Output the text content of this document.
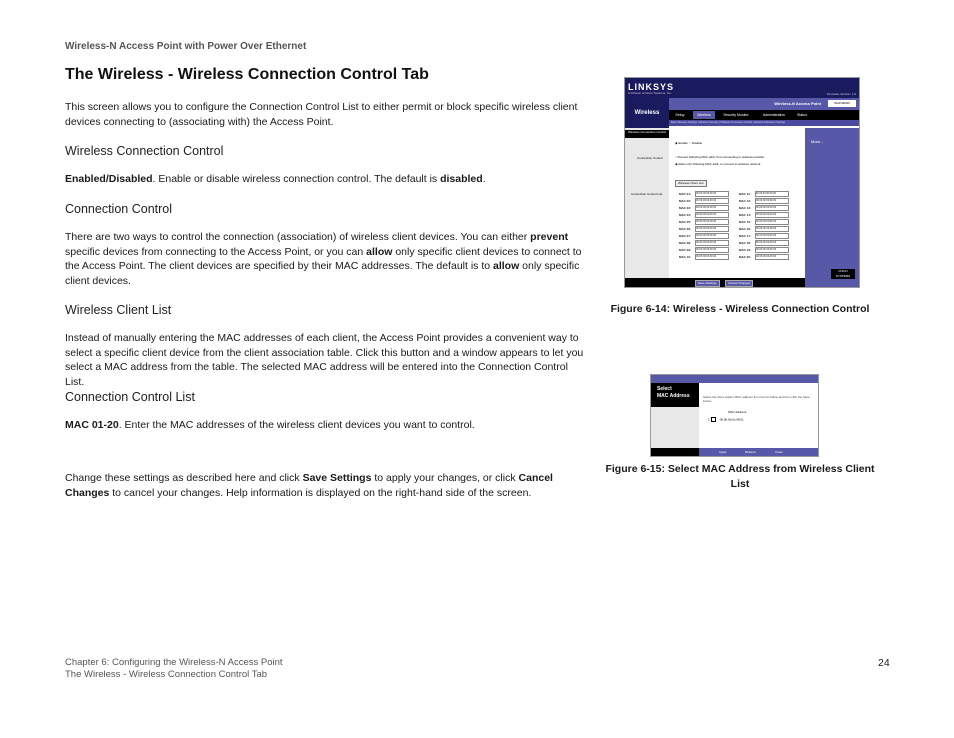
Wireless-N Access Point with Power Over Ethernet
The Wireless - Wireless Connection Control Tab
This screen allows you to configure the Connection Control List to either permit or block specific wireless client devices connecting to (associating with) the Access Point.
Wireless Connection Control
Enabled/Disabled. Enable or disable wireless connection control. The default is disabled.
Connection Control
There are two ways to control the connection (association) of wireless client devices. You can either prevent specific devices from connecting to the Access Point, or you can allow only specific client devices to connect to the Access Point. The client devices are specified by their MAC addresses. The default is to allow only specific client devices.
Wireless Client List
Instead of manually entering the MAC addresses of each client, the Access Point provides a convenient way to select a specific client device from the client association table. Click this button and a window appears to let you select a MAC address from the table. The selected MAC address will be entered into the Connection Control List.
Connection Control List
MAC 01-20. Enter the MAC addresses of the wireless client devices you want to control.
Change these settings as described here and click Save Settings to apply your changes, or click Cancel Changes to cancel your changes. Help information is displayed on the right-hand side of the screen.
LINKSYS
A Division of Cisco Systems, Inc.	Firmware Version: 1.0
Wireless-N Access Point	WAP4400N
Wireless	Setup	Wireless	Security Monitor	Administration	Status
Basic Wireless Settings | Wireless Security | Wireless Connection Control | Advanced Wireless Settings
Wireless Connection Control
More...
CISCO SYSTEMS
◉ Enable  ○ Disable
Connection Control	○ Prevent following MAC addr. from connecting to wireless network
◉ Allow only following MAC addr. to connect to wireless network
Wireless Client List
Connection Control List	MAC 01: 00:00:00:00:00:00
MAC 02: 00:00:00:00:00:00
MAC 03: 00:00:00:00:00:00
MAC 04: 00:00:00:00:00:00
MAC 05: 00:00:00:00:00:00
MAC 06: 00:00:00:00:00:00
MAC 07: 00:00:00:00:00:00
MAC 08: 00:00:00:00:00:00
MAC 09: 00:00:00:00:00:00
MAC 10: 00:00:00:00:00:00
MAC 11: 00:00:00:00:00:00
MAC 12: 00:00:00:00:00:00
MAC 13: 00:00:00:00:00:00
MAC 14: 00:00:00:00:00:00
MAC 15: 00:00:00:00:00:00
MAC 16: 00:00:00:00:00:00
MAC 17: 00:00:00:00:00:00
MAC 18: 00:00:00:00:00:00
MAC 19: 00:00:00:00:00:00
MAC 20: 00:00:00:00:00:00
Save Settings	Cancel Changes
Figure 6-14: Wireless - Wireless Connection Control
Select
MAC Address	Select the client station MAC address from the list below and then click the Save button.
MAC Address
1	00:0b:0b:0c:08:01
Apply	Refresh	Close
Figure 6-15: Select MAC Address from Wireless Client List
Chapter 6: Configuring the Wireless-N Access Point
The Wireless - Wireless Connection Control Tab
24
